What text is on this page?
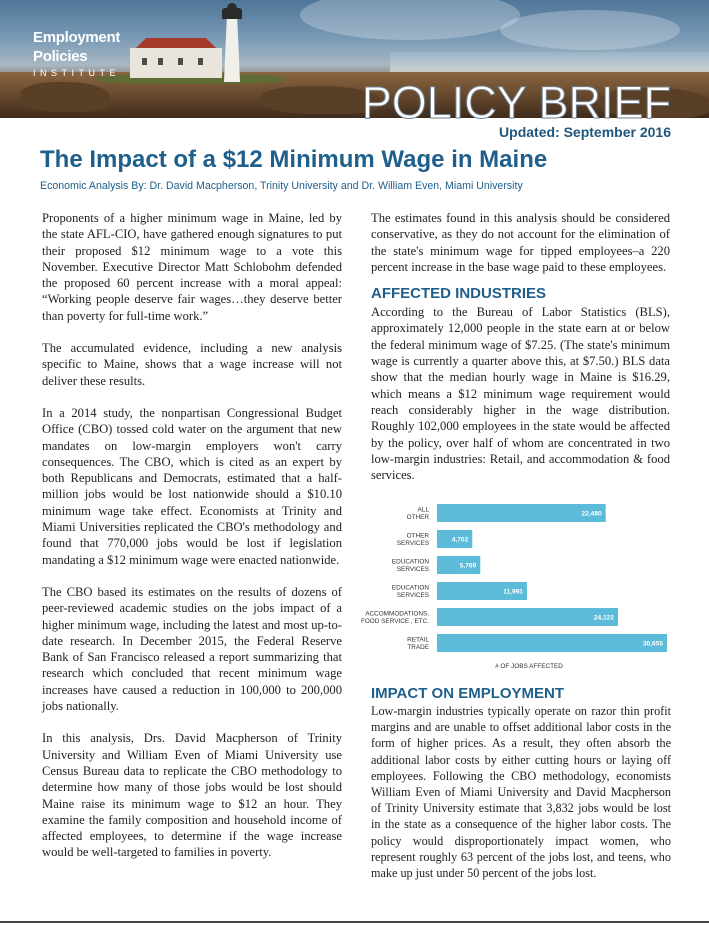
Employment
Policies
INSTITUTE
POLICY BRIEF
Updated: September 2016
The Impact of a $12 Minimum Wage in Maine
Economic Analysis By: Dr. David Macpherson, Trinity University and Dr. William Even, Miami University

Proponents of a higher minimum wage in Maine, led by the state AFL-CIO, have gathered enough signatures to put their proposed $12 minimum wage to a vote this November. Executive Director Matt Schlobohm defended the proposed 60 percent increase with a moral appeal: “Working people deserve fair wages…they deserve better than poverty for full-time work.”

The accumulated evidence, including a new analysis specific to Maine, shows that a wage increase will not deliver these results.

In a 2014 study, the nonpartisan Congressional Budget Office (CBO) tossed cold water on the argument that new mandates on low-margin employers won't carry consequences. The CBO, which is cited as an expert by both Republicans and Democrats, estimated that a half-million jobs would be lost nationwide should a $10.10 minimum wage take effect. Economists at Trinity and Miami Universities replicated the CBO's methodology and found that 770,000 jobs would be lost if legislation mandating a $12 minimum wage were enacted nationwide.

The CBO based its estimates on the results of dozens of peer-reviewed academic studies on the jobs impact of a higher minimum wage, including the latest and most up-to-date research. In December 2015, the Federal Reserve Bank of San Francisco released a report summarizing that research which concluded that recent minimum wage increases have caused a reduction in 100,000 to 200,000 jobs nationally.

In this analysis, Drs. David Macpherson of Trinity University and William Even of Miami University use Census Bureau data to replicate the CBO methodology to determine how many of those jobs would be lost should Maine raise its minimum wage to $12 an hour. They examine the family composition and household income of affected employees, to determine if the wage increase would be well-targeted to families in poverty.

The estimates found in this analysis should be considered conservative, as they do not account for the elimination of the state's minimum wage for tipped employees–a 220 percent increase in the base wage paid to these employees.

AFFECTED INDUSTRIES

According to the Bureau of Labor Statistics (BLS), approximately 12,000 people in the state earn at or below the federal minimum wage of $7.25. (The state's minimum wage is currently a quarter above this, at $7.50.) BLS data show that the median hourly wage in Maine is $16.29, which means a $12 minimum wage requirement would reach considerably higher in the wage distribution. Roughly 102,000 employees in the state would be affected by the policy, over half of whom are concentrated in two low-margin industries: Retail, and accommodation & food services.

22,480
ALL
OTHER
4,702
OTHER
SERVICES
5,769
EDUCATION
SERVICES
11,991
EDUCATION
SERVICES
24,122
ACCOMMODATIONS,
FOOD SERVICE , ETC.
30,655
RETAIL
TRADE
# OF JOBS AFFECTED
IMPACT ON EMPLOYMENT

Low-margin industries typically operate on razor thin profit margins and are unable to offset additional labor costs in the form of higher prices. As a result, they often absorb the additional labor costs by either cutting hours or laying off employees. Following the CBO methodology, economists William Even of Miami University and David Macpherson of Trinity University estimate that 3,832 jobs would be lost in the state as a consequence of the higher labor costs. The policy would disproportionately impact women, who represent roughly 63 percent of the jobs lost, and teens, who make up just under 50 percent of the jobs lost.
